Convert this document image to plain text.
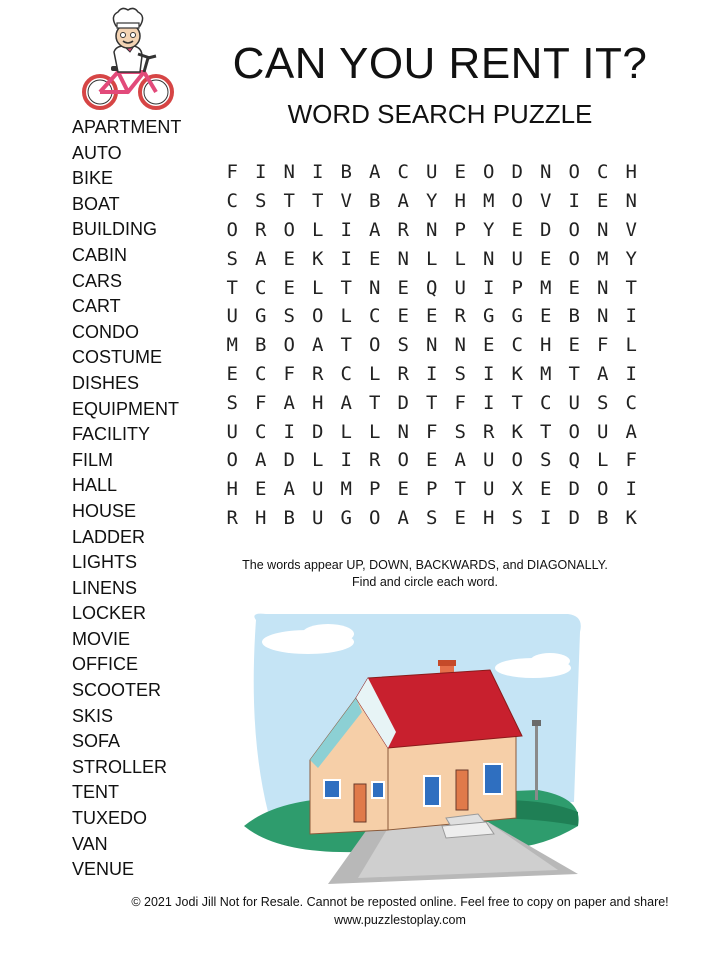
CAN YOU RENT IT?
WORD SEARCH PUZZLE
APARTMENT
AUTO
BIKE
BOAT
BUILDING
CABIN
CARS
CART
CONDO
COSTUME
DISHES
EQUIPMENT
FACILITY
FILM
HALL
HOUSE
LADDER
LIGHTS
LINENS
LOCKER
MOVIE
OFFICE
SCOOTER
SKIS
SOFA
STROLLER
TENT
TUXEDO
VAN
VENUE
F I N I B A C U E O D N O C H
C S T T V B A Y H M O V I E N
O R O L I A R N P Y E D O N V
S A E K I E N L L N U E O M Y
T C E L T N E Q U I P M E N T
U G S O L C E E R G G E B N I
M B O A T O S N N E C H E F L
E C F R C L R I S I K M T A I
S F A H A T D T F I T C U S C
U C I D L L N F S R K T O U A
O A D L I R O E A U O S Q L F
H E A U M P E P T U X E D O I
R H B U G O A S E H S I D B K

The words appear UP, DOWN, BACKWARDS, and DIAGONALLY.

Find and circle each word.

© 2021 Jodi Jill Not for Resale. Cannot be reposted online. Feel free to copy on paper and share!

www.puzzlestoplay.com
